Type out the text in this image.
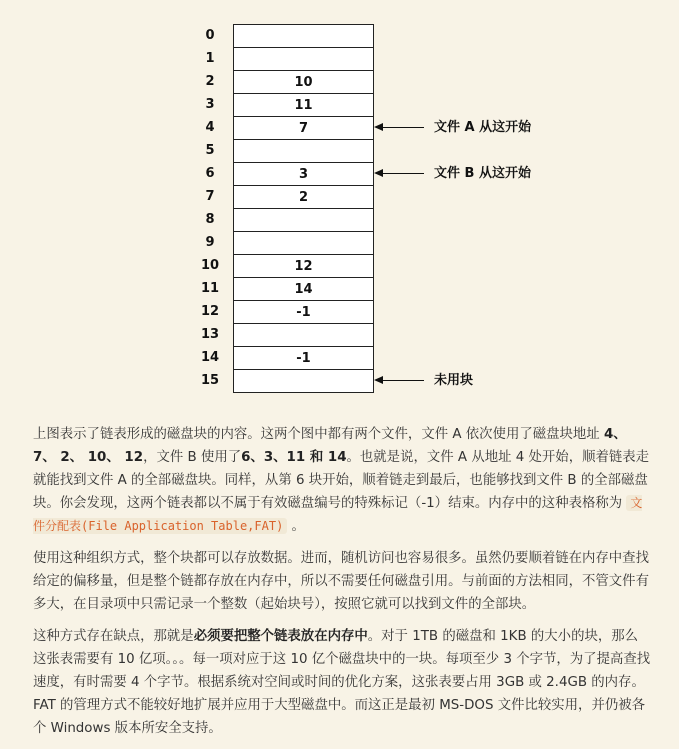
0
1
2	10
3	11
4	7	文件 A 从这开始
5
6	3	文件 B 从这开始
7	2
8
9
10	12
11	14
12	-1
13
14	-1
15	未用块

上图表示了链表形成的磁盘块的内容。这两个图中都有两个文件，文件 A 依次使用了磁盘块地址 4、 7、 2、 10、 12，文件 B 使用了6、3、11 和 14。也就是说，文件 A 从地址 4 处开始，顺着链表走就能找到文件 A 的全部磁盘块。同样，从第 6 块开始，顺着链走到最后，也能够找到文件 B 的全部磁盘块。你会发现，这两个链表都以不属于有效磁盘编号的特殊标记（-1）结束。内存中的这种表格称为 文件分配表(File Application Table,FAT) 。

使用这种组织方式，整个块都可以存放数据。进而，随机访问也容易很多。虽然仍要顺着链在内存中查找给定的偏移量，但是整个链都存放在内存中，所以不需要任何磁盘引用。与前面的方法相同，不管文件有多大，在目录项中只需记录一个整数（起始块号），按照它就可以找到文件的全部块。

这种方式存在缺点，那就是必须要把整个链表放在内存中。对于 1TB 的磁盘和 1KB 的大小的块，那么这张表需要有 10 亿项。。。每一项对应于这 10 亿个磁盘块中的一块。每项至少 3 个字节，为了提高查找速度，有时需要 4 个字节。根据系统对空间或时间的优化方案，这张表要占用 3GB 或 2.4GB 的内存。FAT 的管理方式不能较好地扩展并应用于大型磁盘中。而这正是最初 MS-DOS 文件比较实用，并仍被各个 Windows 版本所安全支持。
